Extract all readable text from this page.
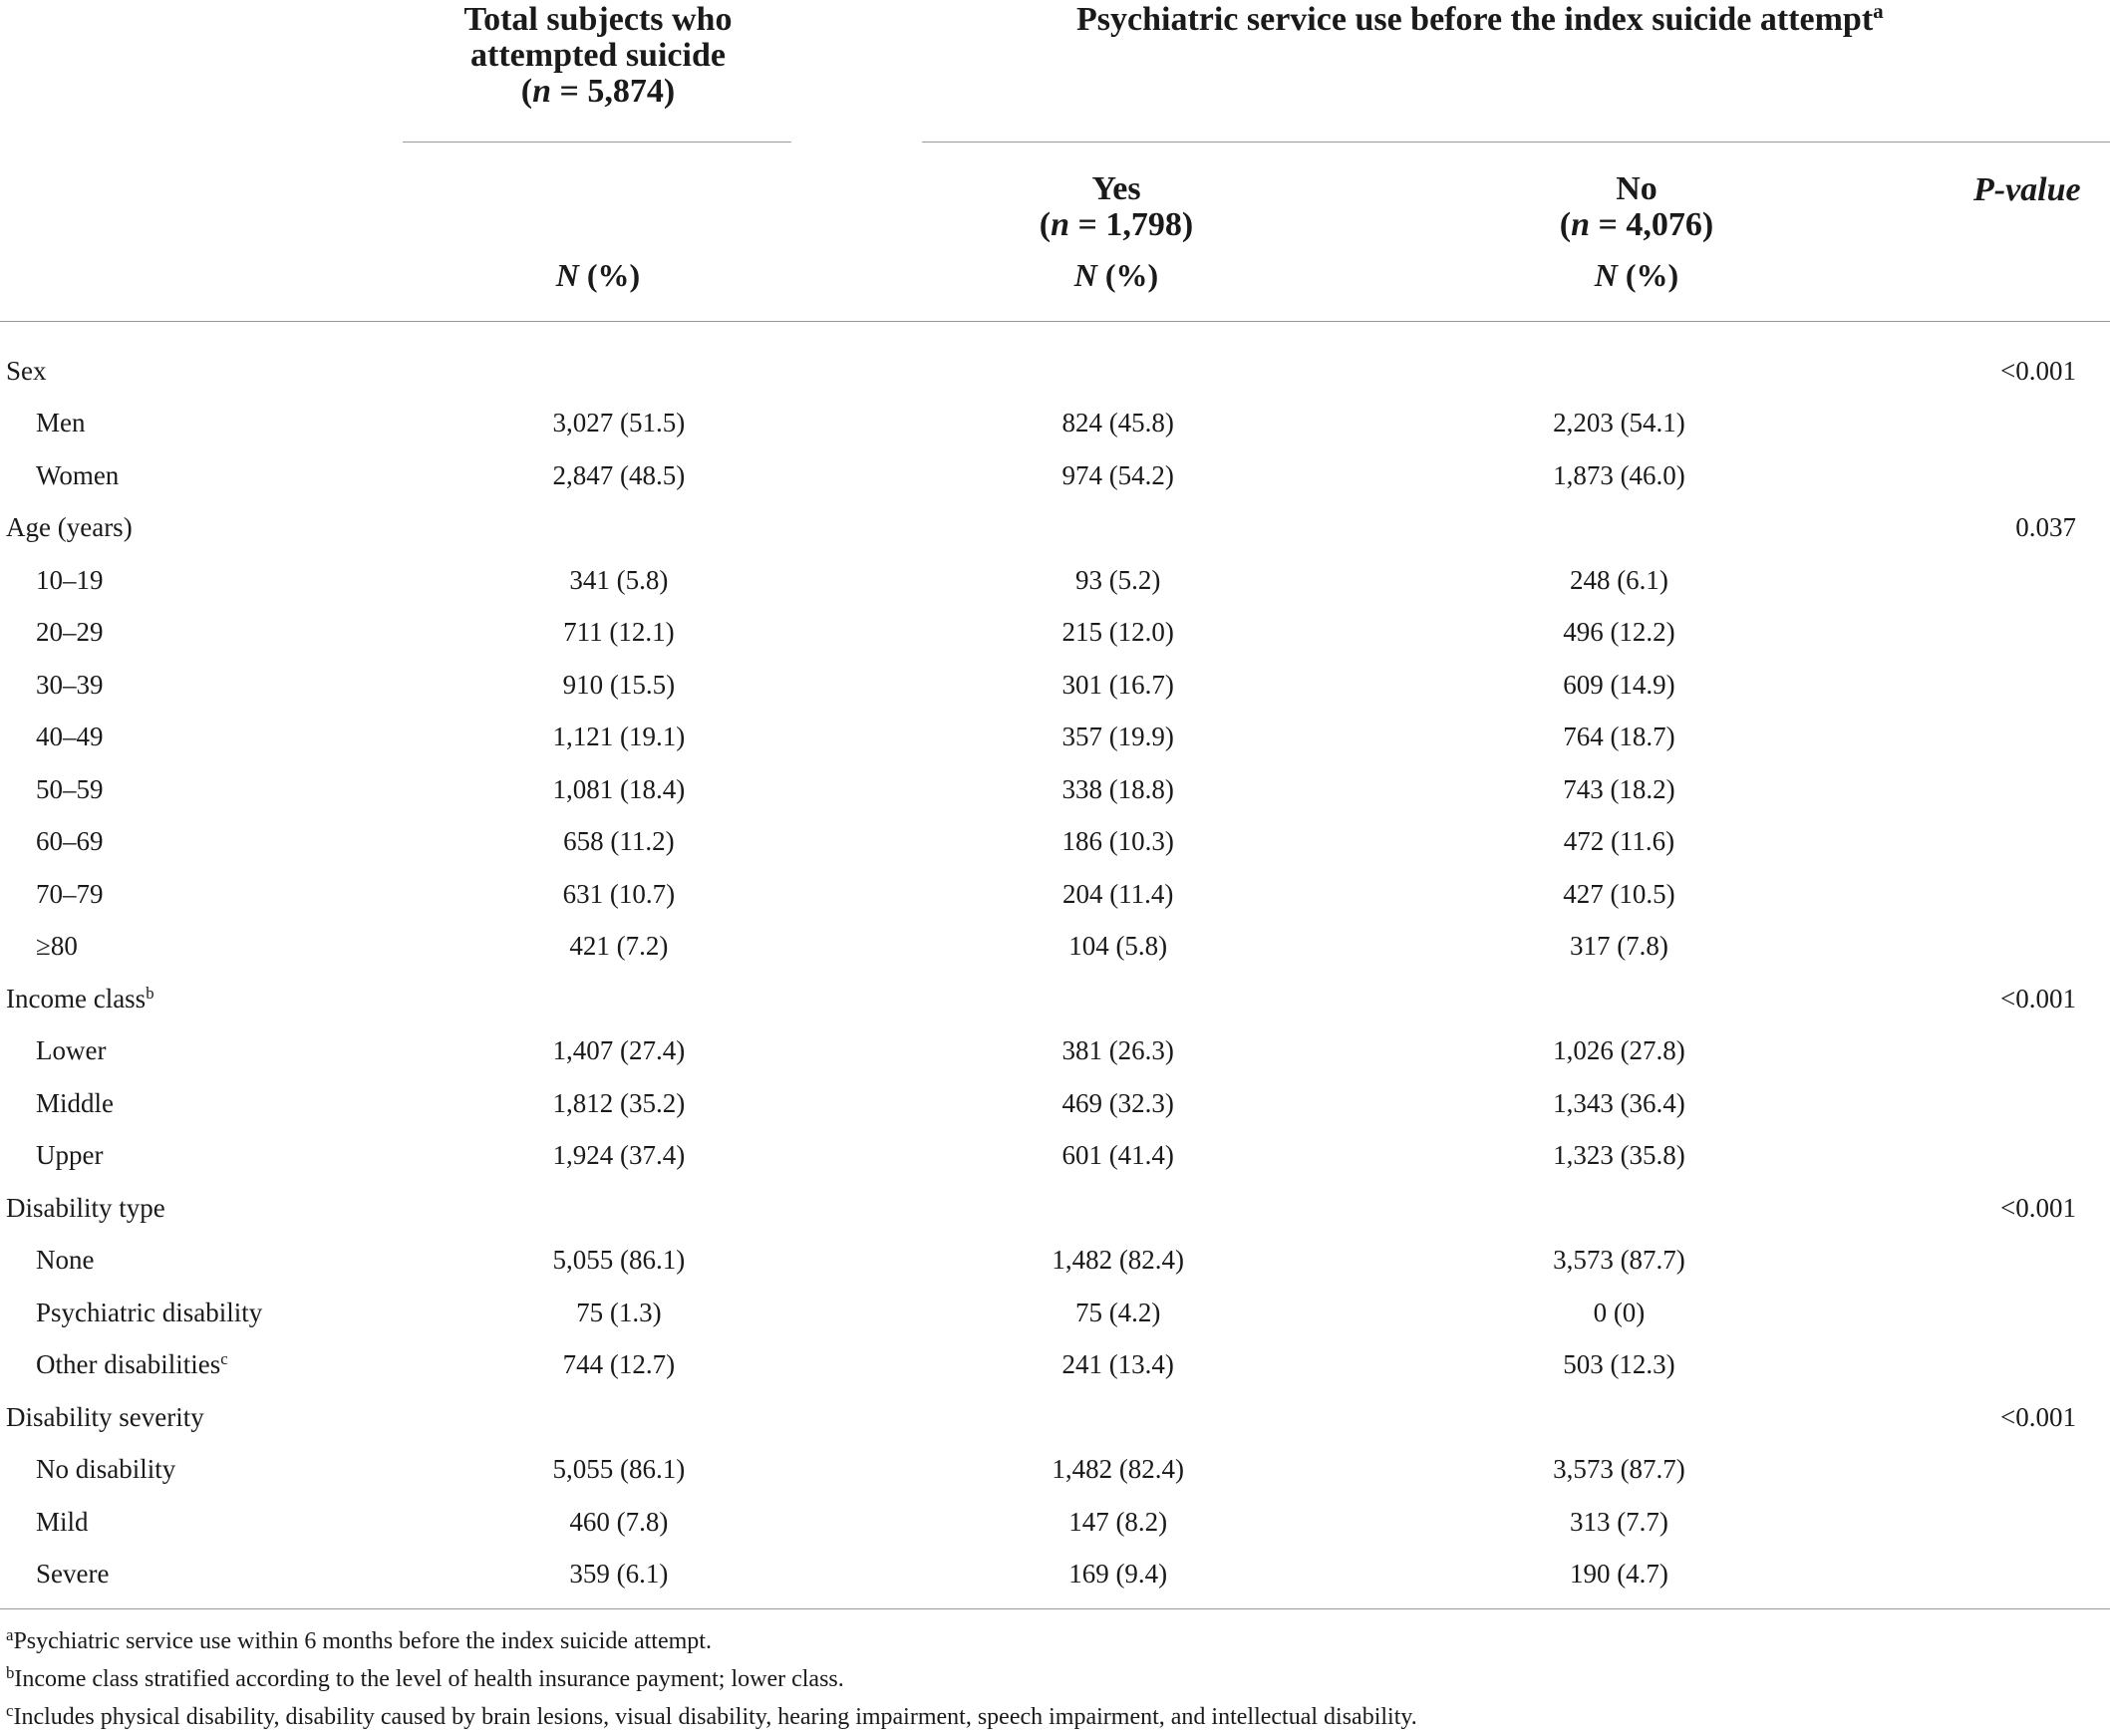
Total subjects who
attempted suicide
(n = 5,874)
Psychiatric service use before the index suicide attempt$^a$
Yes
(n = 1,798)
No
(n = 4,076)
P-value
N (%)	N (%)	N (%)
Sex				<0.001
Men	3,027 (51.5)	824 (45.8)	2,203 (54.1)	
Women	2,847 (48.5)	974 (54.2)	1,873 (46.0)	
Age (years)				0.037
10–19	341 (5.8)	93 (5.2)	248 (6.1)	
20–29	711 (12.1)	215 (12.0)	496 (12.2)	
30–39	910 (15.5)	301 (16.7)	609 (14.9)	
40–49	1,121 (19.1)	357 (19.9)	764 (18.7)	
50–59	1,081 (18.4)	338 (18.8)	743 (18.2)	
60–69	658 (11.2)	186 (10.3)	472 (11.6)	
70–79	631 (10.7)	204 (11.4)	427 (10.5)	
≥80	421 (7.2)	104 (5.8)	317 (7.8)	
Income class$^b$				<0.001
Lower	1,407 (27.4)	381 (26.3)	1,026 (27.8)	
Middle	1,812 (35.2)	469 (32.3)	1,343 (36.4)	
Upper	1,924 (37.4)	601 (41.4)	1,323 (35.8)	
Disability type				<0.001
None	5,055 (86.1)	1,482 (82.4)	3,573 (87.7)	
Psychiatric disability	75 (1.3)	75 (4.2)	0 (0)	
Other disabilities$^c$	744 (12.7)	241 (13.4)	503 (12.3)	
Disability severity				<0.001
No disability	5,055 (86.1)	1,482 (82.4)	3,573 (87.7)	
Mild	460 (7.8)	147 (8.2)	313 (7.7)	
Severe	359 (6.1)	169 (9.4)	190 (4.7)	
$^a$Psychiatric service use within 6 months before the index suicide attempt.
$^b$Income class stratified according to the level of health insurance payment; lower class.
$^c$Includes physical disability, disability caused by brain lesions, visual disability, hearing impairment, speech impairment, and intellectual disability.
